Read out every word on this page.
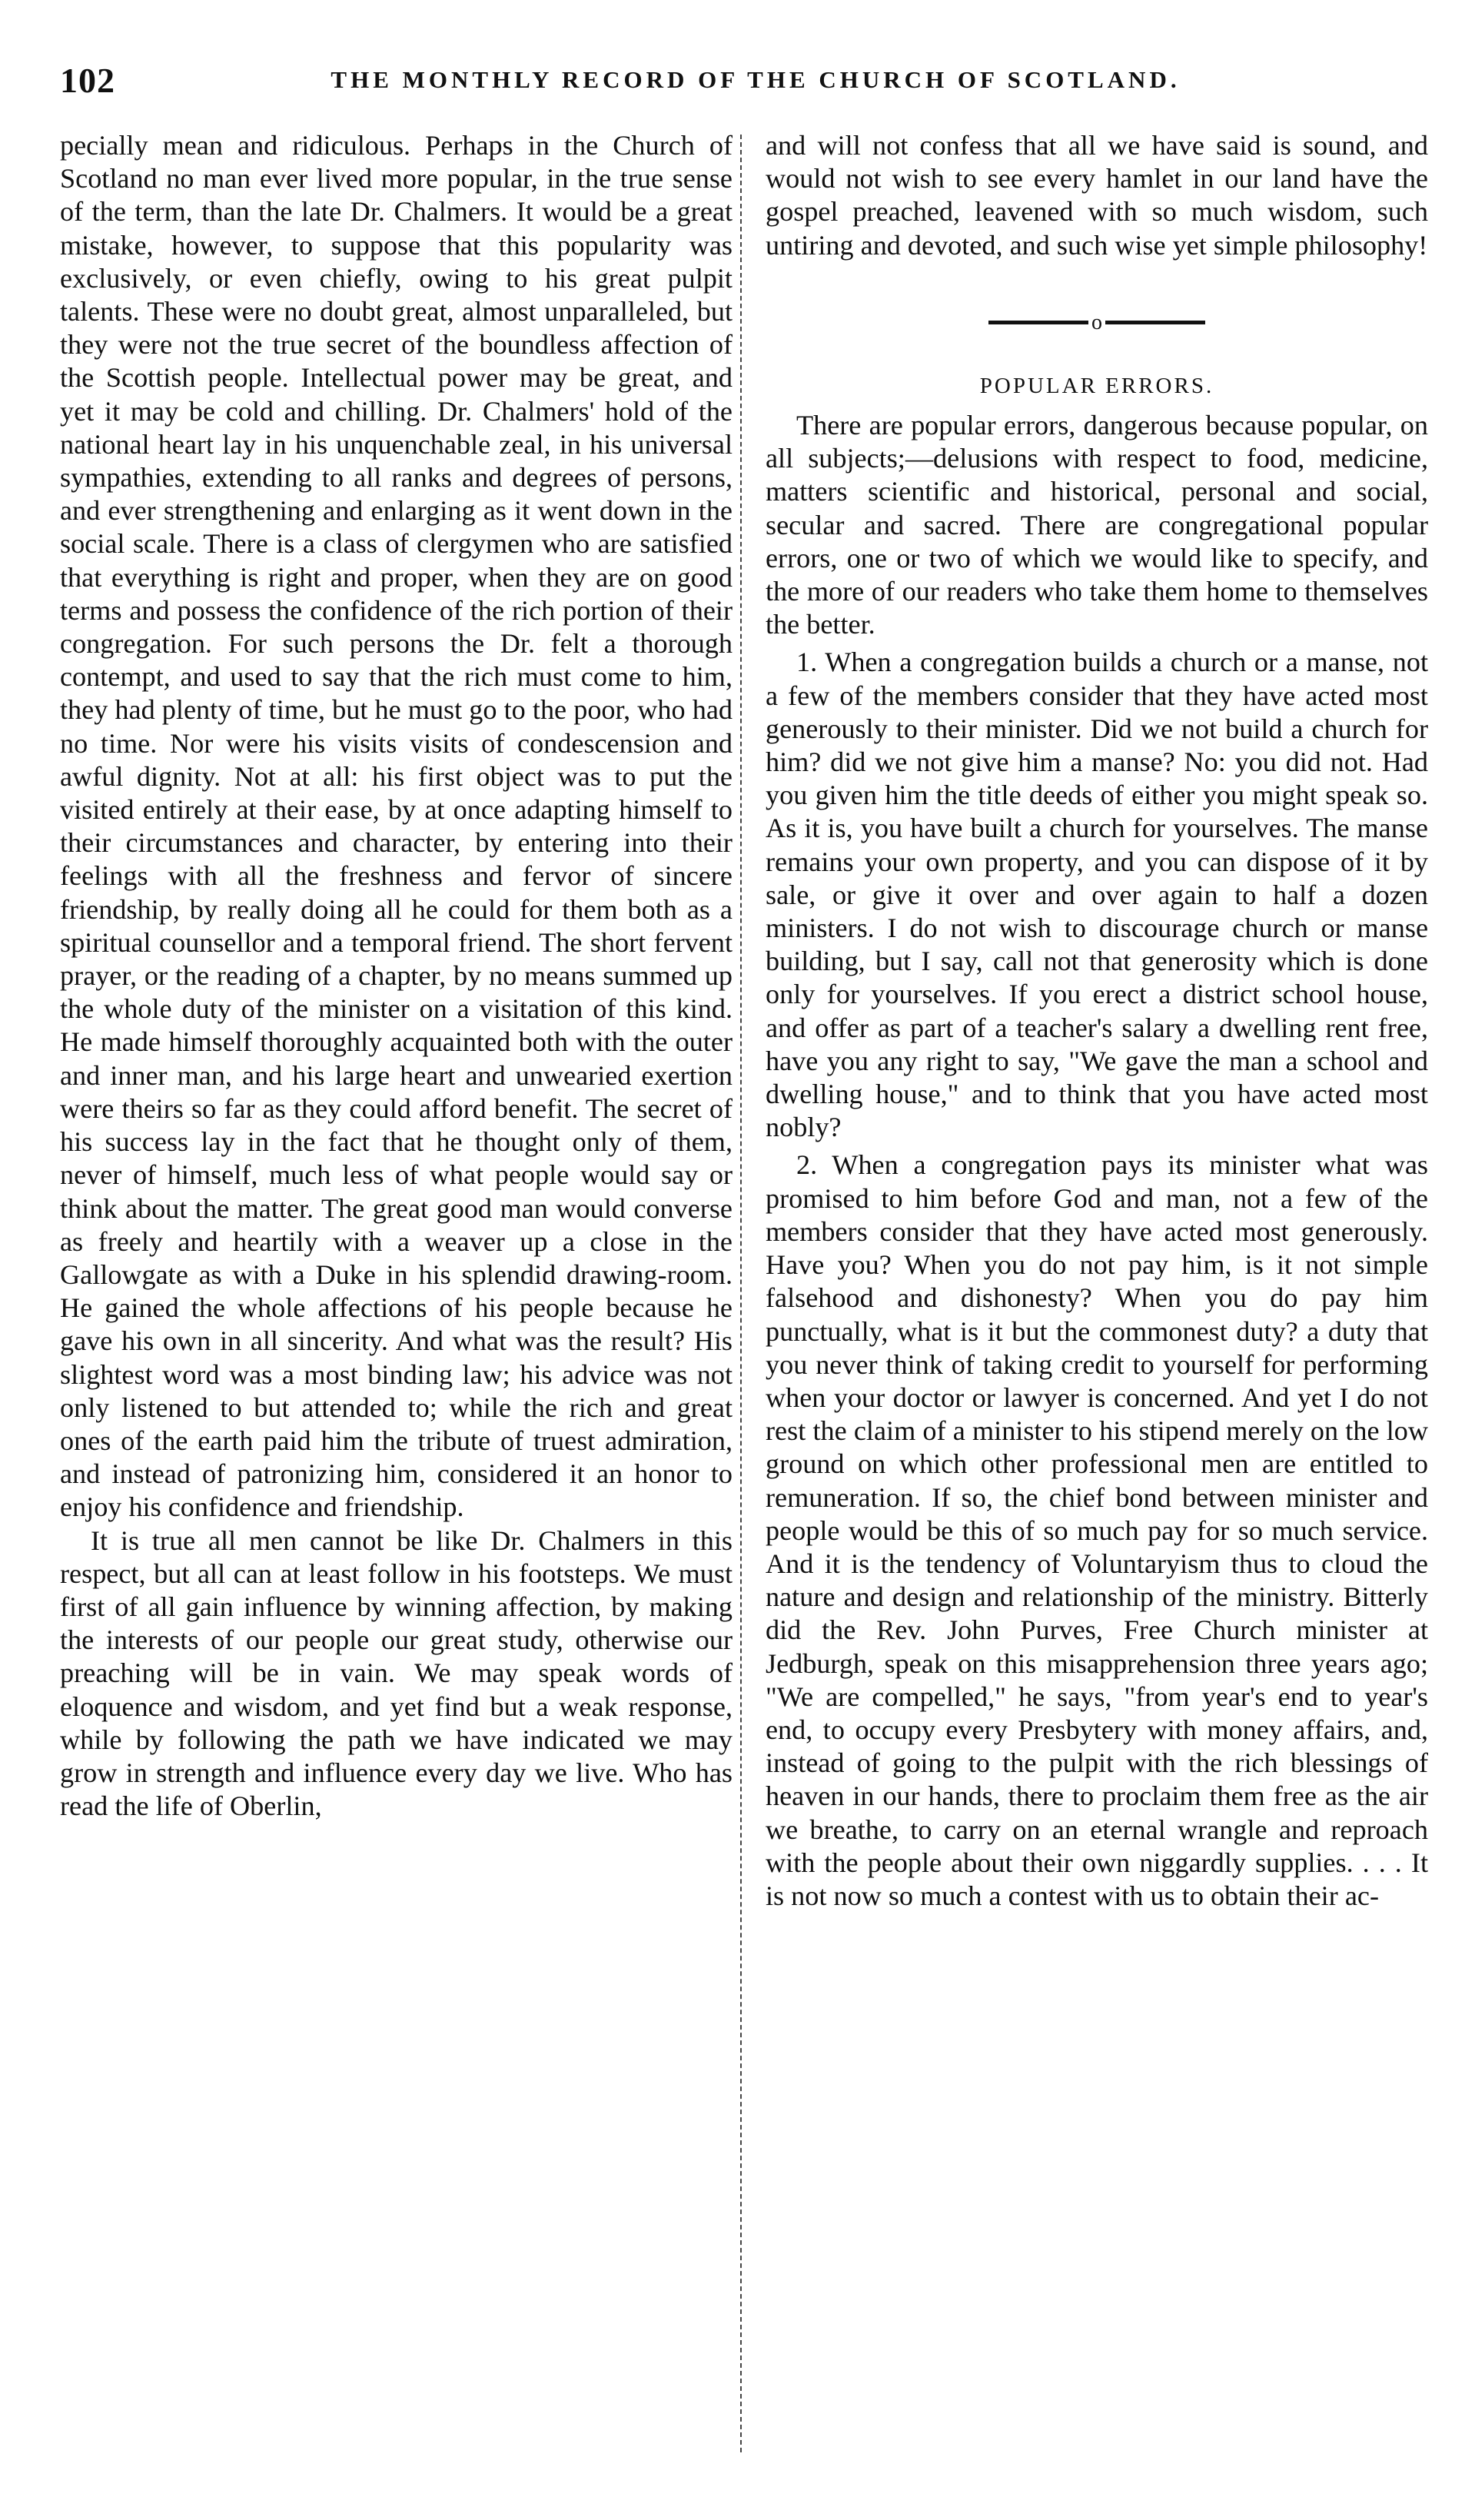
102	THE MONTHLY RECORD OF THE CHURCH OF SCOTLAND.

pecially mean and ridiculous. Perhaps in the Church of Scotland no man ever lived more popular, in the true sense of the term, than the late Dr. Chalmers. It would be a great mistake, however, to suppose that this popularity was exclusively, or even chiefly, owing to his great pulpit talents. These were no doubt great, almost unparalleled, but they were not the true secret of the boundless affection of the Scottish people. Intellectual power may be great, and yet it may be cold and chilling. Dr. Chalmers' hold of the national heart lay in his unquenchable zeal, in his universal sympathies, extending to all ranks and degrees of persons, and ever strengthening and enlarging as it went down in the social scale. There is a class of clergymen who are satisfied that everything is right and proper, when they are on good terms and possess the confidence of the rich portion of their congregation. For such persons the Dr. felt a thorough contempt, and used to say that the rich must come to him, they had plenty of time, but he must go to the poor, who had no time. Nor were his visits visits of condescension and awful dignity. Not at all: his first object was to put the visited entirely at their ease, by at once adapting himself to their circumstances and character, by entering into their feelings with all the freshness and fervor of sincere friendship, by really doing all he could for them both as a spiritual counsellor and a temporal friend. The short fervent prayer, or the reading of a chapter, by no means summed up the whole duty of the minister on a visitation of this kind. He made himself thoroughly acquainted both with the outer and inner man, and his large heart and unwearied exertion were theirs so far as they could afford benefit. The secret of his success lay in the fact that he thought only of them, never of himself, much less of what people would say or think about the matter. The great good man would converse as freely and heartily with a weaver up a close in the Gallowgate as with a Duke in his splendid drawing-room. He gained the whole affections of his people because he gave his own in all sincerity. And what was the result? His slightest word was a most binding law; his advice was not only listened to but attended to; while the rich and great ones of the earth paid him the tribute of truest admiration, and instead of patronizing him, considered it an honor to enjoy his confidence and friendship.

It is true all men cannot be like Dr. Chalmers in this respect, but all can at least follow in his footsteps. We must first of all gain influence by winning affection, by making the interests of our people our great study, otherwise our preaching will be in vain. We may speak words of eloquence and wisdom, and yet find but a weak response, while by following the path we have indicated we may grow in strength and influence every day we live. Who has read the life of Oberlin,

and will not confess that all we have said is sound, and would not wish to see every hamlet in our land have the gospel preached, leavened with so much wisdom, such untiring and devoted, and such wise yet simple philosophy!

o
POPULAR ERRORS.

There are popular errors, dangerous because popular, on all subjects;—delusions with respect to food, medicine, matters scientific and historical, personal and social, secular and sacred. There are congregational popular errors, one or two of which we would like to specify, and the more of our readers who take them home to themselves the better.

1. When a congregation builds a church or a manse, not a few of the members consider that they have acted most generously to their minister. Did we not build a church for him? did we not give him a manse? No: you did not. Had you given him the title deeds of either you might speak so. As it is, you have built a church for yourselves. The manse remains your own property, and you can dispose of it by sale, or give it over and over again to half a dozen ministers. I do not wish to discourage church or manse building, but I say, call not that generosity which is done only for yourselves. If you erect a district school house, and offer as part of a teacher's salary a dwelling rent free, have you any right to say, "We gave the man a school and dwelling house," and to think that you have acted most nobly?

2. When a congregation pays its minister what was promised to him before God and man, not a few of the members consider that they have acted most generously. Have you? When you do not pay him, is it not simple falsehood and dishonesty? When you do pay him punctually, what is it but the commonest duty? a duty that you never think of taking credit to yourself for performing when your doctor or lawyer is concerned. And yet I do not rest the claim of a minister to his stipend merely on the low ground on which other professional men are entitled to remuneration. If so, the chief bond between minister and people would be this of so much pay for so much service. And it is the tendency of Voluntaryism thus to cloud the nature and design and relationship of the ministry. Bitterly did the Rev. John Purves, Free Church minister at Jedburgh, speak on this misapprehension three years ago; "We are compelled," he says, "from year's end to year's end, to occupy every Presbytery with money affairs, and, instead of going to the pulpit with the rich blessings of heaven in our hands, there to proclaim them free as the air we breathe, to carry on an eternal wrangle and reproach with the people about their own niggardly supplies. . . . It is not now so much a contest with us to obtain their ac-
